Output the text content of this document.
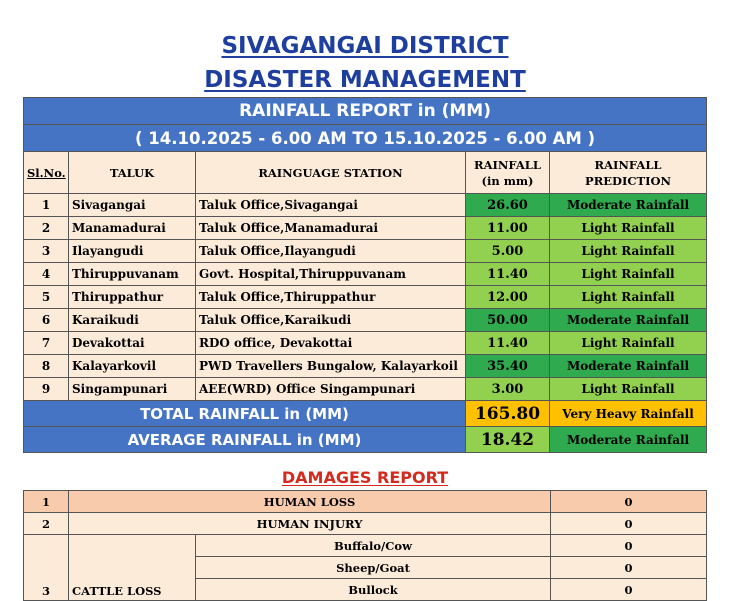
SIVAGANGAI DISTRICT
DISASTER MANAGEMENT
RAINFALL REPORT in (MM)				
( 14.10.2025 - 6.00 AM TO 15.10.2025 - 6.00 AM )				
Sl.No.	TALUK	RAINGUAGE STATION	RAINFALL (in mm)	RAINFALL PREDICTION
1	Sivagangai	Taluk Office,Sivagangai	26.60	Moderate Rainfall
2	Manamadurai	Taluk Office,Manamadurai	11.00	Light Rainfall
3	Ilayangudi	Taluk Office,Ilayangudi	5.00	Light Rainfall
4	Thiruppuvanam	Govt. Hospital,Thiruppuvanam	11.40	Light Rainfall
5	Thiruppathur	Taluk Office,Thiruppathur	12.00	Light Rainfall
6	Karaikudi	Taluk Office,Karaikudi	50.00	Moderate Rainfall
7	Devakottai	RDO office, Devakottai	11.40	Light Rainfall
8	Kalayarkovil	PWD Travellers Bungalow, Kalayarkoil	35.40	Moderate Rainfall
9	Singampunari	AEE(WRD) Office Singampunari	3.00	Light Rainfall
TOTAL RAINFALL in (MM)			165.80	Very Heavy Rainfall
AVERAGE RAINFALL in (MM)			18.42	Moderate Rainfall
DAMAGES REPORT
1	HUMAN LOSS		0
2	HUMAN INJURY		0
3	CATTLE LOSS	Buffalo/Cow	0
		Sheep/Goat	0
		Bullock	0
